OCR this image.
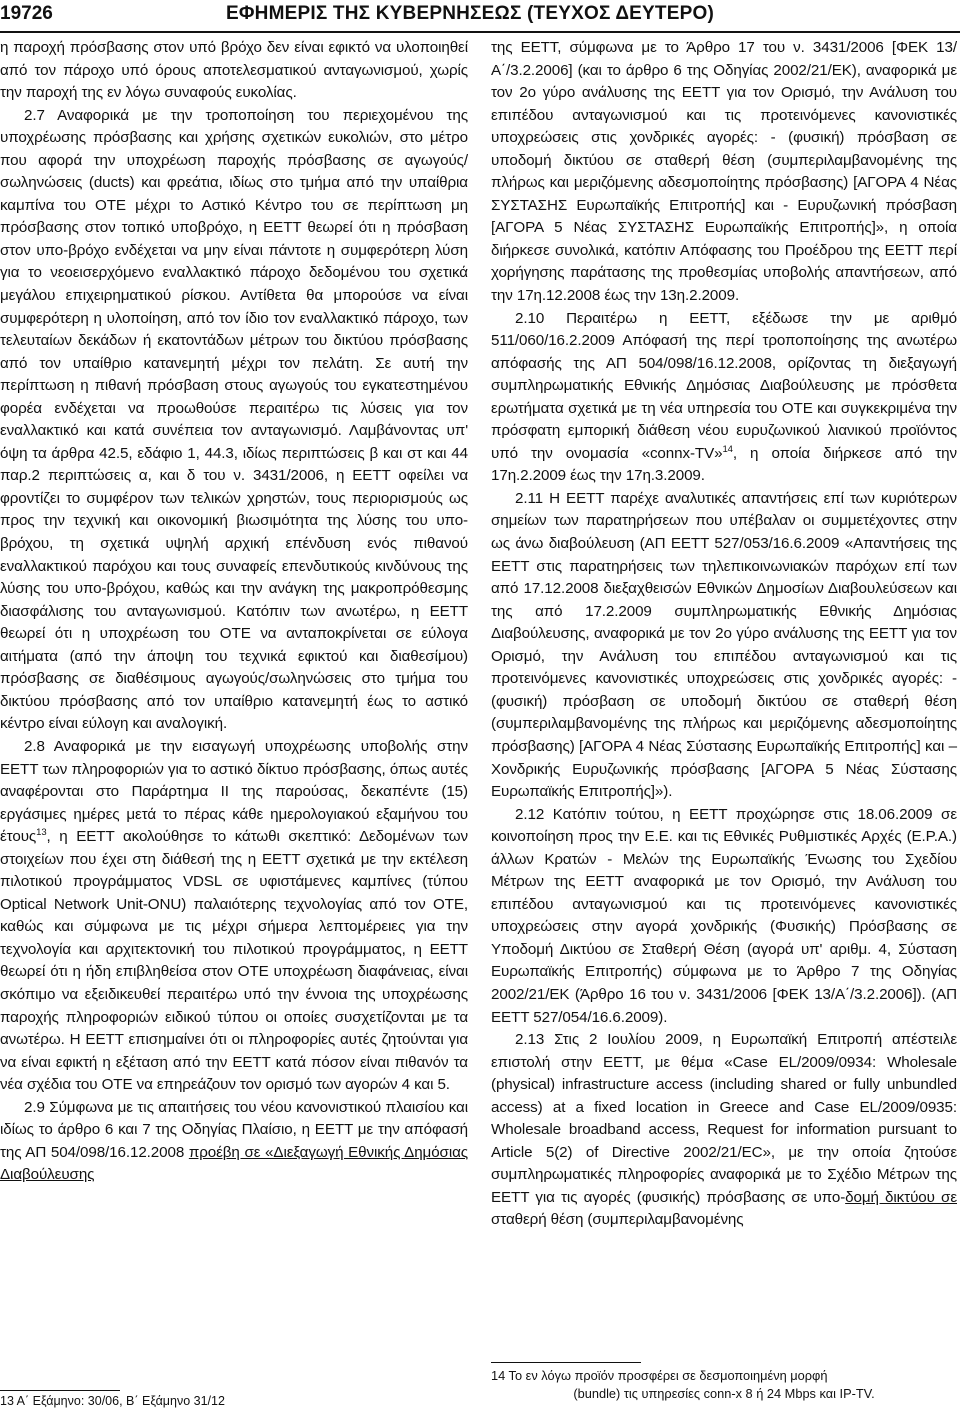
19726	ΕΦΗΜΕΡΙΣ ΤΗΣ ΚΥΒΕΡΝΗΣΕΩΣ (ΤΕΥΧΟΣ ΔΕΥΤΕΡΟ)

η παροχή πρόσβασης στον υπό βρόχο δεν είναι εφικτό να υλοποιηθεί από τον πάροχο υπό όρους αποτελεσματικού ανταγωνισμού, χωρίς την παροχή της εν λόγω συναφούς ευκολίας.

2.7 Αναφορικά με την τροποποίηση του περιεχομένου της υποχρέωσης πρόσβασης και χρήσης σχετικών ευκολιών, στο μέτρο που αφορά την υποχρέωση παροχής πρόσβασης σε αγωγούς/σωληνώσεις (ducts) και φρεάτια, ιδίως στο τμήμα από την υπαίθρια καμπίνα του ΟΤΕ μέχρι το Αστικό Κέντρο του σε περίπτωση μη πρόσβασης στον τοπικό υποβρόχο, η ΕΕΤΤ θεωρεί ότι η πρόσβαση στον υπο-βρόχο ενδέχεται να μην είναι πάντοτε η συμφερότερη λύση για το νεοεισερχόμενο εναλλακτικό πάροχο δεδομένου του σχετικά μεγάλου επιχειρηματικού ρίσκου. Αντίθετα θα μπορούσε να είναι συμφερότερη η υλοποίηση, από τον ίδιο τον εναλλακτικό πάροχο, των τελευταίων δεκάδων ή εκατοντάδων μέτρων του δικτύου πρόσβασης από τον υπαίθριο κατανεμητή μέχρι τον πελάτη. Σε αυτή την περίπτωση η πιθανή πρόσβαση στους αγωγούς του εγκατεστημένου φορέα ενδέχεται να προωθούσε περαιτέρω τις λύσεις για τον εναλλακτικό και κατά συνέπεια τον ανταγωνισμό. Λαμβάνοντας υπ' όψη τα άρθρα 42.5, εδάφιο 1, 44.3, ιδίως περιπτώσεις β και στ και 44 παρ.2 περιπτώσεις α, και δ του ν. 3431/2006, η ΕΕΤΤ οφείλει να φροντίζει το συμφέρον των τελικών χρηστών, τους περιορισμούς ως προς την τεχνική και οικονομική βιωσιμότητα της λύσης του υπο-βρόχου, τη σχετικά υψηλή αρχική επένδυση ενός πιθανού εναλλακτικού παρόχου και τους συναφείς επενδυτικούς κινδύνους της λύσης του υπο-βρόχου, καθώς και την ανάγκη της μακροπρόθεσμης διασφάλισης του ανταγωνισμού. Κατόπιν των ανωτέρω, η ΕΕΤΤ θεωρεί ότι η υποχρέωση του ΟΤΕ να ανταποκρίνεται σε εύλογα αιτήματα (από την άποψη του τεχνικά εφικτού και διαθεσίμου) πρόσβασης σε διαθέσιμους αγωγούς/σωληνώσεις στο τμήμα του δικτύου πρόσβασης από τον υπαίθριο κατανεμητή έως το αστικό κέντρο είναι εύλογη και αναλογική.

2.8 Αναφορικά με την εισαγωγή υποχρέωσης υποβολής στην ΕΕΤΤ των πληροφοριών για το αστικό δίκτυο πρόσβασης, όπως αυτές αναφέρονται στο Παράρτημα ΙΙ της παρούσας, δεκαπέντε (15) εργάσιμες ημέρες μετά το πέρας κάθε ημερολογιακού εξαμήνου του έτους$^{13}$, η ΕΕΤΤ ακολούθησε το κάτωθι σκεπτικό: Δεδομένων των στοιχείων που έχει στη διάθεσή της η ΕΕΤΤ σχετικά με την εκτέλεση πιλοτικού προγράμματος VDSL σε υφιστάμενες καμπίνες (τύπου Optical Network Unit-ONU) παλαιότερης τεχνολογίας από τον ΟΤΕ, καθώς και σύμφωνα με τις μέχρι σήμερα λεπτομέρειες για την τεχνολογία και αρχιτεκτονική του πιλοτικού προγράμματος, η ΕΕΤΤ θεωρεί ότι η ήδη επιβληθείσα στον ΟΤΕ υποχρέωση διαφάνειας, είναι σκόπιμο να εξειδικευθεί περαιτέρω υπό την έννοια της υποχρέωσης παροχής πληροφοριών ειδικού τύπου οι οποίες συσχετίζονται με τα ανωτέρω. Η ΕΕΤΤ επισημαίνει ότι οι πληροφορίες αυτές ζητούνται για να είναι εφικτή η εξέταση από την ΕΕΤΤ κατά πόσον είναι πιθανόν τα νέα σχέδια του ΟΤΕ να επηρεάζουν τον ορισμό των αγορών 4 και 5.

2.9 Σύμφωνα με τις απαιτήσεις του νέου κανονιστικού πλαισίου και ιδίως το άρθρο 6 και 7 της Οδηγίας Πλαίσιο, η ΕΕΤΤ με την απόφασή της ΑΠ 504/098/16.12.2008 προέβη σε «Διεξαγωγή Εθνικής Δημόσιας Διαβούλευσης

13 Α΄ Εξάμηνο: 30/06, Β΄ Εξάμηνο 31/12

της ΕΕΤΤ, σύμφωνα με το Άρθρο 17 του ν. 3431/2006 [ΦΕΚ 13/Α΄/3.2.2006] (και το άρθρο 6 της Οδηγίας 2002/21/ΕΚ), αναφορικά με τον 2ο γύρο ανάλυσης της ΕΕΤΤ για τον Ορισμό, την Ανάλυση του επιπέδου ανταγωνισμού και τις προτεινόμενες κανονιστικές υποχρεώσεις στις χονδρικές αγορές: - (φυσική) πρόσβαση σε υποδομή δικτύου σε σταθερή θέση (συμπεριλαμβανομένης της πλήρως και μεριζόμενης αδεσμοποίητης πρόσβασης) [ΑΓΟΡΑ 4 Νέας ΣΥΣΤΑΣΗΣ Ευρωπαϊκής Επιτροπής] και - Ευρυζωνική πρόσβαση [ΑΓΟΡΑ 5 Νέας ΣΥΣΤΑΣΗΣ Ευρωπαϊκής Επιτροπής]», η οποία διήρκεσε συνολικά, κατόπιν Απόφασης του Προέδρου της ΕΕΤΤ περί χορήγησης παράτασης της προθεσμίας υποβολής απαντήσεων, από την 17η.12.2008 έως την 13η.2.2009.

2.10 Περαιτέρω η ΕΕΤΤ, εξέδωσε την με αριθμό 511/060/16.2.2009 Απόφασή της περί τροποποίησης της ανωτέρω απόφασής της ΑΠ 504/098/16.12.2008, ορίζοντας τη διεξαγωγή συμπληρωματικής Εθνικής Δημόσιας Διαβούλευσης με πρόσθετα ερωτήματα σχετικά με τη νέα υπηρεσία του ΟΤΕ και συγκεκριμένα την πρόσφατη εμπορική διάθεση νέου ευρυζωνικού λιανικού προϊόντος υπό την ονομασία «connx-TV»$^{14}$, η οποία διήρκεσε από την 17η.2.2009 έως την 17η.3.2009.

2.11 Η ΕΕΤΤ παρέχε αναλυτικές απαντήσεις επί των κυριότερων σημείων των παρατηρήσεων που υπέβαλαν οι συμμετέχοντες στην ως άνω διαβούλευση (ΑΠ ΕΕΤΤ 527/053/16.6.2009 «Απαντήσεις της ΕΕΤΤ στις παρατηρήσεις των τηλεπικοινωνιακών παρόχων επί των από 17.12.2008 διεξαχθεισών Εθνικών Δημοσίων Διαβουλεύσεων και της από 17.2.2009 συμπληρωματικής Εθνικής Δημόσιας Διαβούλευσης, αναφορικά με τον 2ο γύρο ανάλυσης της ΕΕΤΤ για τον Ορισμό, την Ανάλυση του επιπέδου ανταγωνισμού και τις προτεινόμενες κανονιστικές υποχρεώσεις στις χονδρικές αγορές: - (φυσική) πρόσβαση σε υποδομή δικτύου σε σταθερή θέση (συμπεριλαμβανομένης της πλήρως και μεριζόμενης αδεσμοποίητης πρόσβασης) [ΑΓΟΡΑ 4 Νέας Σύστασης Ευρωπαϊκής Επιτροπής] και – Χονδρικής Ευρυζωνικής πρόσβασης [ΑΓΟΡΑ 5 Νέας Σύστασης Ευρωπαϊκής Επιτροπής]»).

2.12 Κατόπιν τούτου, η ΕΕΤΤ προχώρησε στις 18.06.2009 σε κοινοποίηση προς την Ε.Ε. και τις Εθνικές Ρυθμιστικές Αρχές (Ε.Ρ.Α.) άλλων Κρατών - Μελών της Ευρωπαϊκής Ένωσης του Σχεδίου Μέτρων της ΕΕΤΤ αναφορικά με τον Ορισμό, την Ανάλυση του επιπέδου ανταγωνισμού και τις προτεινόμενες κανονιστικές υποχρεώσεις στην αγορά χονδρικής (Φυσικής) Πρόσβασης σε Υποδομή Δικτύου σε Σταθερή Θέση (αγορά υπ' αριθμ. 4, Σύσταση Ευρωπαϊκής Επιτροπής) σύμφωνα με το Άρθρο 7 της Οδηγίας 2002/21/ΕΚ (Άρθρο 16 του ν. 3431/2006 [ΦΕΚ 13/Α΄/3.2.2006]). (ΑΠ ΕΕΤΤ 527/054/16.6.2009).

2.13 Στις 2 Ιουλίου 2009, η Ευρωπαϊκή Επιτροπή απέστειλε επιστολή στην ΕΕΤΤ, με θέμα «Case EL/2009/0934: Wholesale (physical) infrastructure access (including shared or fully unbundled access) at a fixed location in Greece and Case EL/2009/0935: Wholesale broadband access, Request for information pursuant to Article 5(2) of Directive 2002/21/EC», με την οποία ζητούσε συμπληρωματικές πληροφορίες αναφορικά με το Σχέδιο Μέτρων της ΕΕΤΤ για τις αγορές (φυσικής) πρόσβασης σε υπο-δομή δικτύου σε σταθερή θέση (συμπεριλαμβανομένης

14 Το εν λόγω προϊόν προσφέρει σε δεσμοποιημένη μορφή

(bundle) τις υπηρεσίες conn-x 8 ή 24 Mbps και IP-TV.
